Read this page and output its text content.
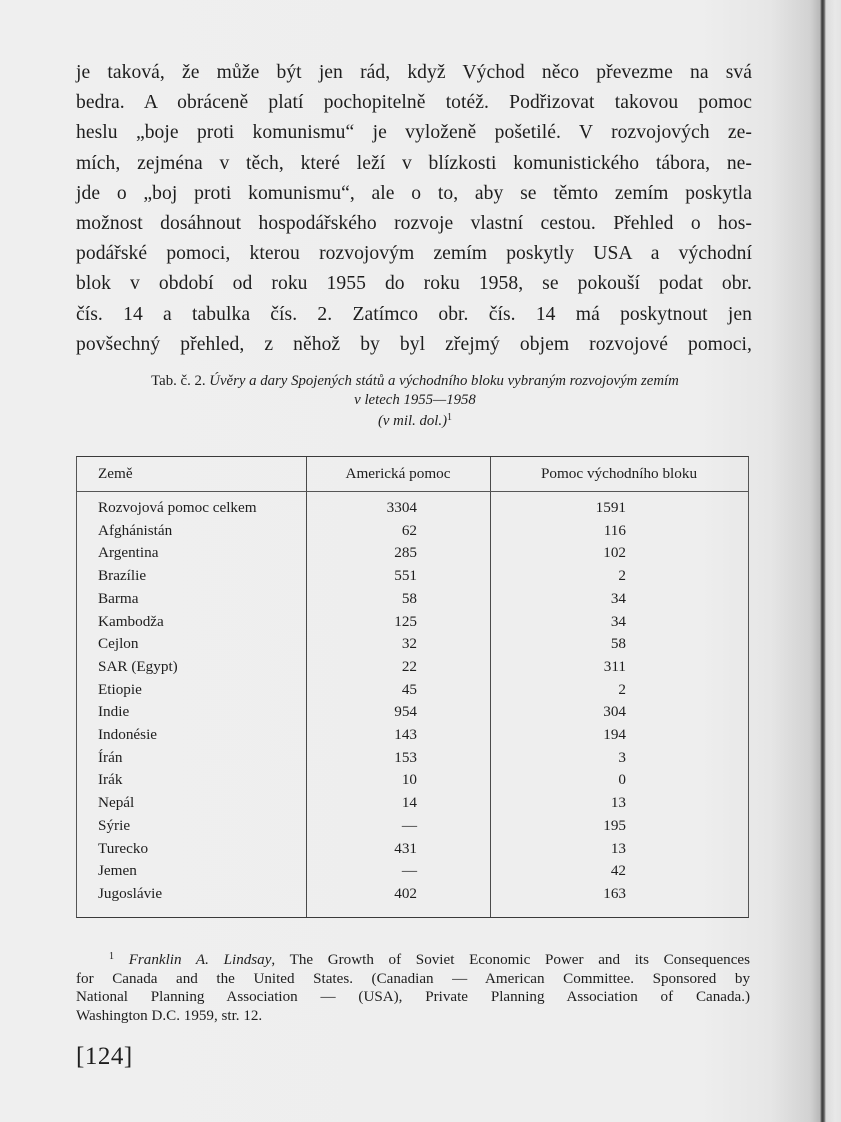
je taková, že může být jen rád, když Východ něco převezme na svá
bedra. A obráceně platí pochopitelně totéž. Podřizovat takovou pomoc
heslu „boje proti komunismu“ je vyloženě pošetilé. V rozvojových ze-
mích, zejména v těch, které leží v blízkosti komunistického tábora, ne-
jde o „boj proti komunismu“, ale o to, aby se těmto zemím poskytla
možnost dosáhnout hospodářského rozvoje vlastní cestou. Přehled o hos-
podářské pomoci, kterou rozvojovým zemím poskytly USA a východní
blok v období od roku 1955 do roku 1958, se pokouší podat obr.
čís. 14 a tabulka čís. 2. Zatímco obr. čís. 14 má poskytnout jen
povšechný přehled, z něhož by byl zřejmý objem rozvojové pomoci,
Tab. č. 2. Úvěry a dary Spojených států a východního bloku vybraným rozvojovým zemím
v letech 1955—1958
(v mil. dol.)$^1$
Země	Americká pomoc	Pomoc východního bloku
Rozvojová pomoc celkem	3304	1591
Afghánistán	62	116
Argentina	285	102
Brazílie	551	2
Barma	58	34
Kambodža	125	34
Cejlon	32	58
SAR (Egypt)	22	311
Etiopie	45	2
Indie	954	304
Indonésie	143	194
Írán	153	3
Irák	10	0
Nepál	14	13
Sýrie	—	195
Turecko	431	13
Jemen	—	42
Jugoslávie	402	163
$^1$ Franklin A. Lindsay, The Growth of Soviet Economic Power and its Consequences
for Canada and the United States. (Canadian — American Committee. Sponsored by
National Planning Association — (USA), Private Planning Association of Canada.)
Washington D.C. 1959, str. 12.
[124]
